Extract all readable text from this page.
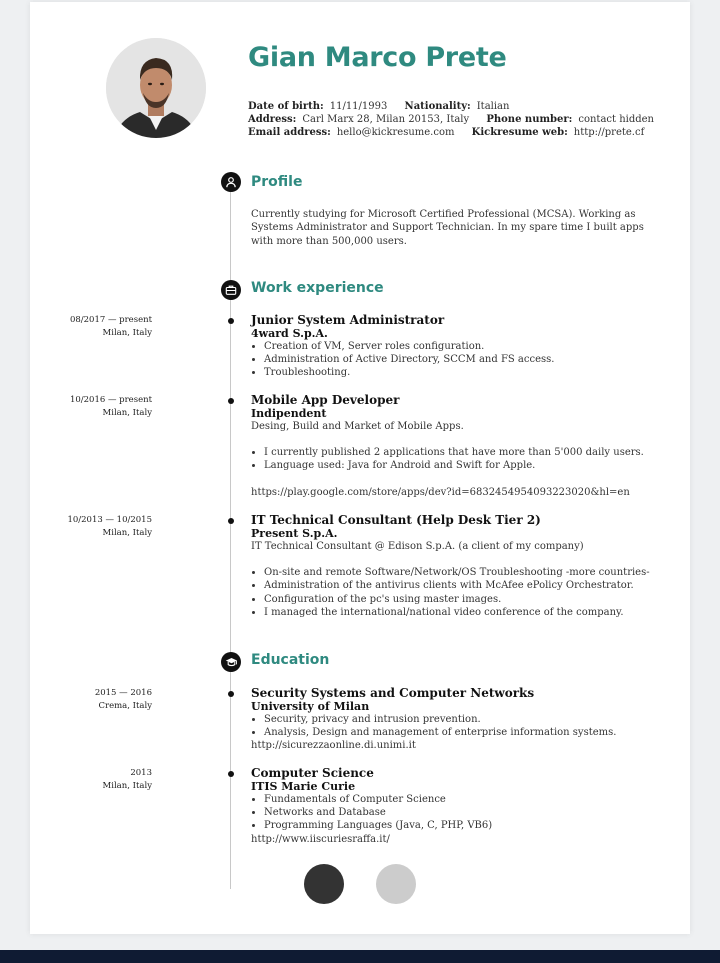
Gian Marco Prete
Date of birth: 11/11/1993 Nationality: Italian
Address: Carl Marx 28, Milan 20153, Italy Phone number: contact hidden
Email address: hello@kickresume.com Kickresume web: http://prete.cf
Profile
Currently studying for Microsoft Certified Professional (MCSA). Working as Systems Administrator and Support Technician. In my spare time I built apps with more than 500,000 users.
Work experience
08/2017 — present
Milan, Italy
Junior System Administrator
4ward S.p.A.
• Creation of VM, Server roles configuration.
• Administration of Active Directory, SCCM and FS access.
• Troubleshooting.
10/2016 — present
Milan, Italy
Mobile App Developer
Indipendent
Desing, Build and Market of Mobile Apps.
• I currently published 2 applications that have more than 5'000 daily users.
• Language used: Java for Android and Swift for Apple.
https://play.google.com/store/apps/dev?id=6832454954093223020&hl=en
10/2013 — 10/2015
Milan, Italy
IT Technical Consultant (Help Desk Tier 2)
Present S.p.A.
IT Technical Consultant @ Edison S.p.A. (a client of my company)
• On-site and remote Software/Network/OS Troubleshooting -more countries-
• Administration of the antivirus clients with McAfee ePolicy Orchestrator.
• Configuration of the pc's using master images.
• I managed the international/national video conference of the company.
Education
2015 — 2016
Crema, Italy
Security Systems and Computer Networks
University of Milan
• Security, privacy and intrusion prevention.
• Analysis, Design and management of enterprise information systems.
http://sicurezzaonline.di.unimi.it
2013
Milan, Italy
Computer Science
ITIS Marie Curie
• Fundamentals of Computer Science
• Networks and Database
• Programming Languages (Java, C, PHP, VB6)
http://www.iiscuriesraffa.it/
